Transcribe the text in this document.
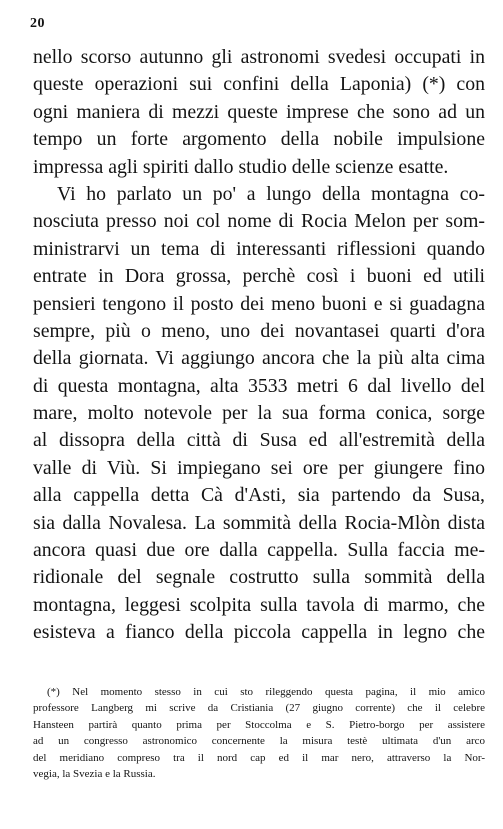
20
nello scorso autunno gli astronomi svedesi occupati in
queste operazioni sui confini della Laponia) (*) con
ogni maniera di mezzi queste imprese che sono ad un
tempo un forte argomento della nobile impulsione
impressa agli spiriti dallo studio delle scienze esatte.
Vi ho parlato un po' a lungo della montagna co-
nosciuta presso noi col nome di Rocia Melon per som-
ministrarvi un tema di interessanti riflessioni quando
entrate in Dora grossa, perchè così i buoni ed utili
pensieri tengono il posto dei meno buoni e si guadagna
sempre, più o meno, uno dei novantasei quarti d'ora
della giornata. Vi aggiungo ancora che la più alta cima
di questa montagna, alta 3533 metri 6 dal livello del
mare, molto notevole per la sua forma conica, sorge
al dissopra della città di Susa ed all'estremità della
valle di Viù. Si impiegano sei ore per giungere fino
alla cappella detta Cà d'Asti, sia partendo da Susa,
sia dalla Novalesa. La sommità della Rocia-Mlòn dista
ancora quasi due ore dalla cappella. Sulla faccia me-
ridionale del segnale costrutto sulla sommità della
montagna, leggesi scolpita sulla tavola di marmo, che
esisteva a fianco della piccola cappella in legno che
(*) Nel momento stesso in cui sto rileggendo questa pagina, il mio amico
professore Langberg mi scrive da Cristiania (27 giugno corrente) che il celebre
Hansteen partirà quanto prima per Stoccolma e S. Pietro-borgo per assistere
ad un congresso astronomico concernente la misura testè ultimata d'un arco
del meridiano compreso tra il nord cap ed il mar nero, attraverso la Nor-
vegia, la Svezia e la Russia.
